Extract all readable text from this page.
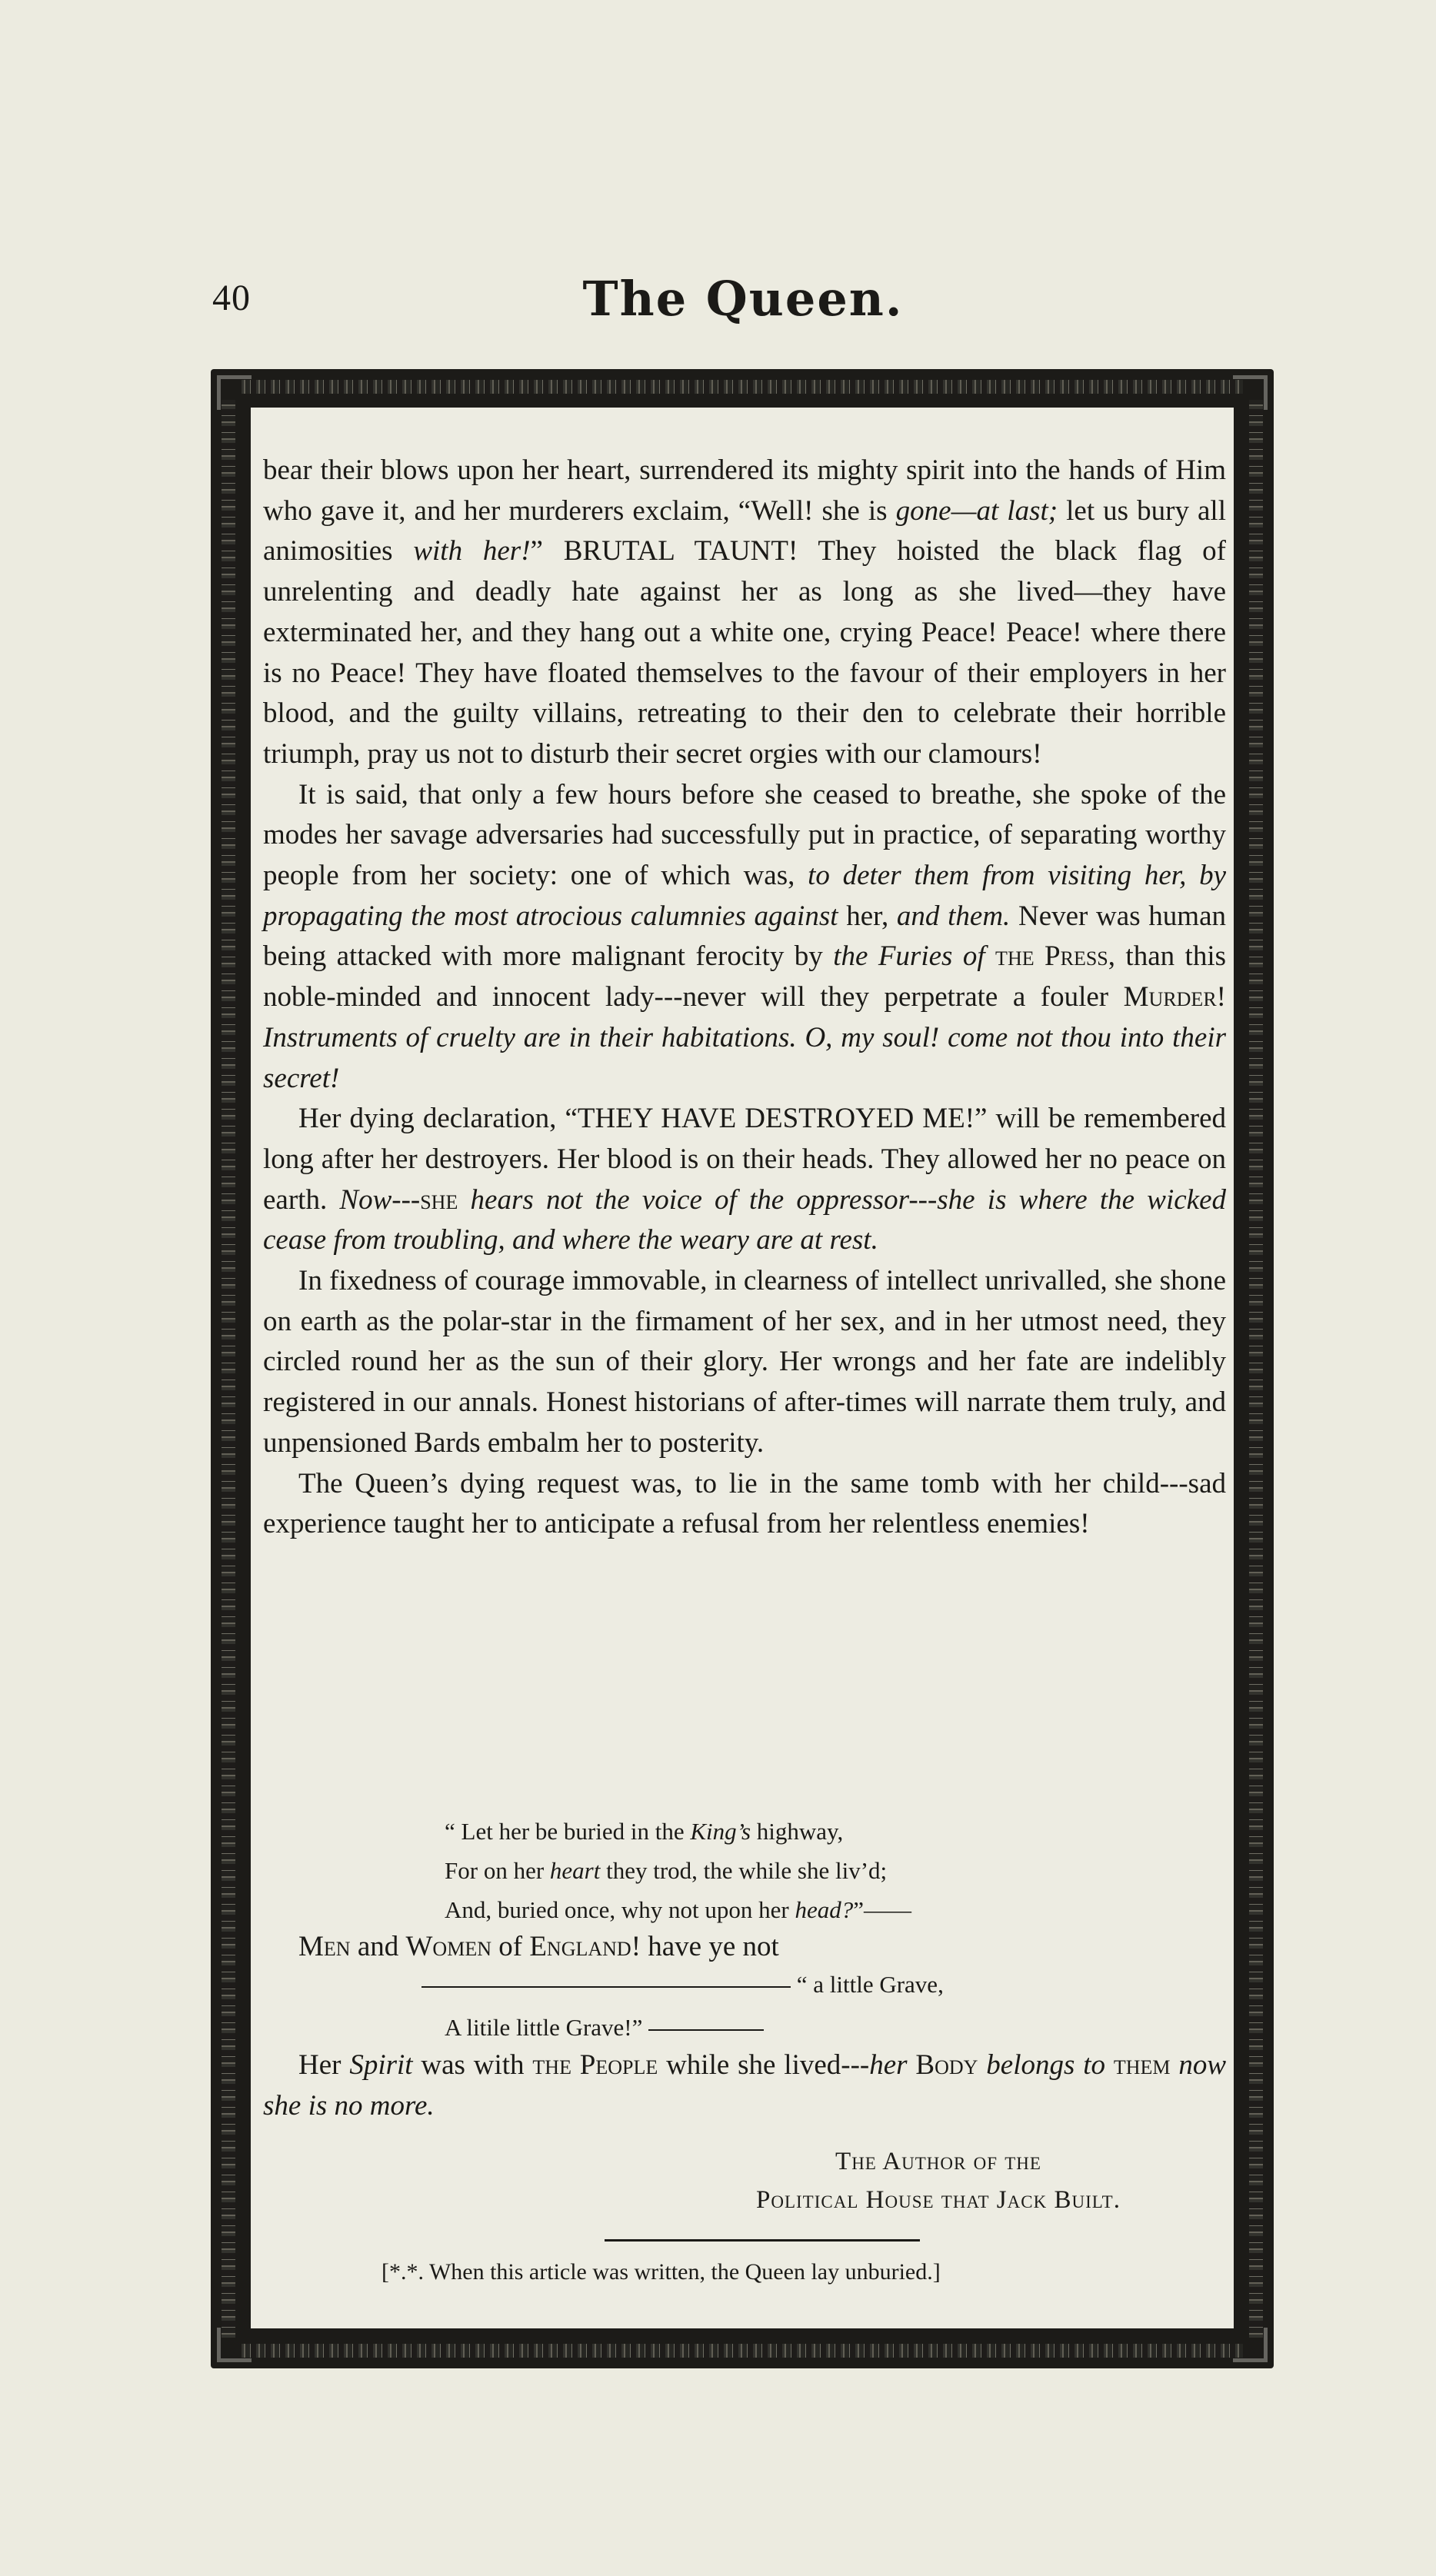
40	The Queen.

bear their blows upon her heart, surrendered its mighty spirit into the hands of Him who gave it, and her murderers exclaim, “Well! she is gone—at last; let us bury all animosities with her!” BRUTAL TAUNT! They hoisted the black flag of unrelenting and deadly hate against her as long as she lived—they have exterminated her, and they hang out a white one, crying Peace! Peace! where there is no Peace! They have floated themselves to the favour of their employers in her blood, and the guilty villains, retreating to their den to celebrate their horrible triumph, pray us not to disturb their secret orgies with our clamours!

It is said, that only a few hours before she ceased to breathe, she spoke of the modes her savage adversaries had successfully put in practice, of separating worthy people from her society: one of which was, to deter them from visiting her, by propagating the most atrocious calumnies against her, and them. Never was human being attacked with more malignant ferocity by the Furies of the Press, than this noble-minded and innocent lady---never will they perpetrate a fouler Murder! Instruments of cruelty are in their habitations. O, my soul! come not thou into their secret!

Her dying declaration, “THEY HAVE DESTROYED ME!” will be remembered long after her destroyers. Her blood is on their heads. They allowed her no peace on earth. Now---she hears not the voice of the oppressor---she is where the wicked cease from troubling, and where the weary are at rest.

In fixedness of courage immovable, in clearness of intellect unrivalled, she shone on earth as the polar-star in the firmament of her sex, and in her utmost need, they circled round her as the sun of their glory. Her wrongs and her fate are indelibly registered in our annals. Honest historians of after-times will narrate them truly, and unpensioned Bards embalm her to posterity.

The Queen’s dying request was, to lie in the same tomb with her child---sad experience taught her to anticipate a refusal from her relentless enemies!

“ Let her be buried in the King’s highway,
For on her heart they trod, the while she liv’d;
And, buried once, why not upon her head?”——

Men and Women of England! have ye not

“ a little Grave,
A litile little Grave!”

Her Spirit was with the People while she lived---her Body belongs to them now she is no more.

The Author of the
Political House that Jack Built.
[*.*. When this article was written, the Queen lay unburied.]
